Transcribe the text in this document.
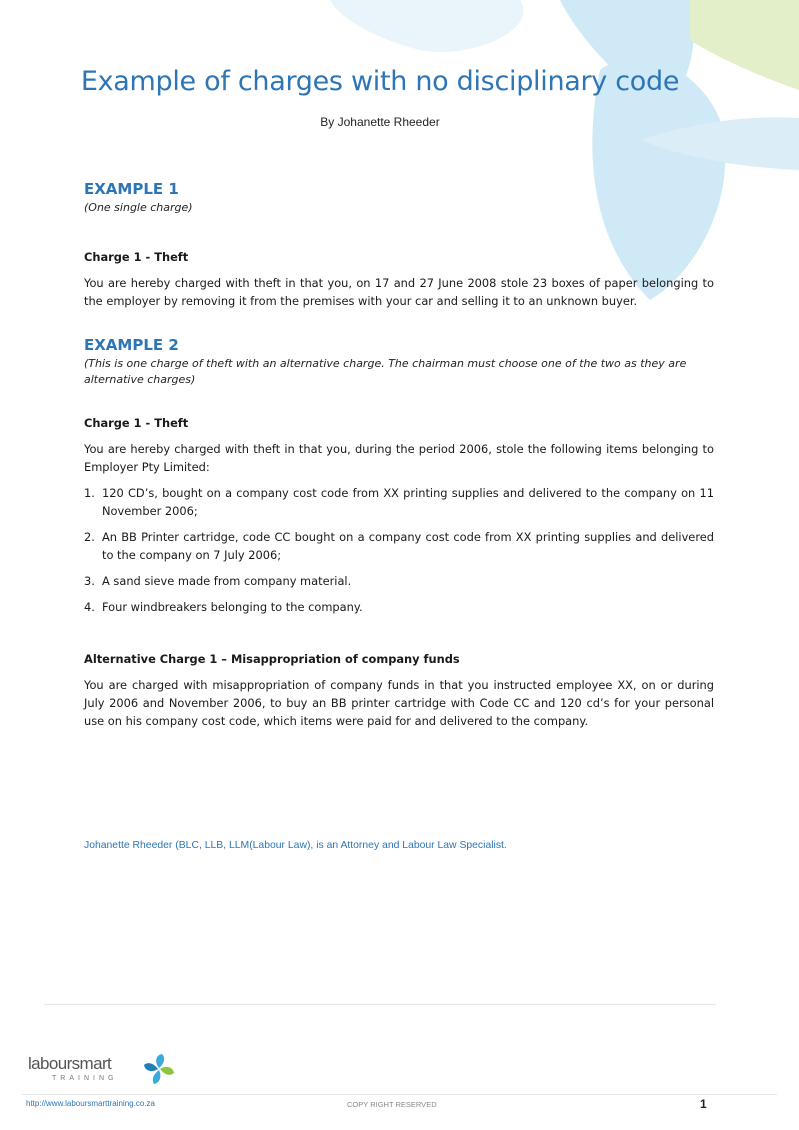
Example of charges with no disciplinary code
By Johanette Rheeder

EXAMPLE 1

(One single charge)

Charge 1 - Theft

You are hereby charged with theft in that you, on 17 and 27 June 2008 stole 23 boxes of paper belonging to the employer by removing it from the premises with your car and selling it to an unknown buyer.

EXAMPLE 2

(This is one charge of theft with an alternative charge. The chairman must choose one of the two as they are alternative charges)

Charge 1 - Theft

You are hereby charged with theft in that you, during the period 2006, stole the following items belonging to Employer Pty Limited:

1. 120 CD’s, bought on a company cost code from XX printing supplies and delivered to the company on 11 November 2006;
2. An BB Printer cartridge, code CC bought on a company cost code from XX printing supplies and delivered to the company on 7 July 2006;
3. A sand sieve made from company material.
4. Four windbreakers belonging to the company.

Alternative Charge 1 – Misappropriation of company funds

You are charged with misappropriation of company funds in that you instructed employee XX, on or during July 2006 and November 2006, to buy an BB printer cartridge with Code CC and 120 cd’s for your personal use on his company cost code, which items were paid for and delivered to the company.

Johanette Rheeder (BLC, LLB, LLM(Labour Law), is an Attorney and Labour Law Specialist.
laboursmart
TRAINING
http://www.laboursmarttraining.co.za	COPY RIGHT RESERVED	1
